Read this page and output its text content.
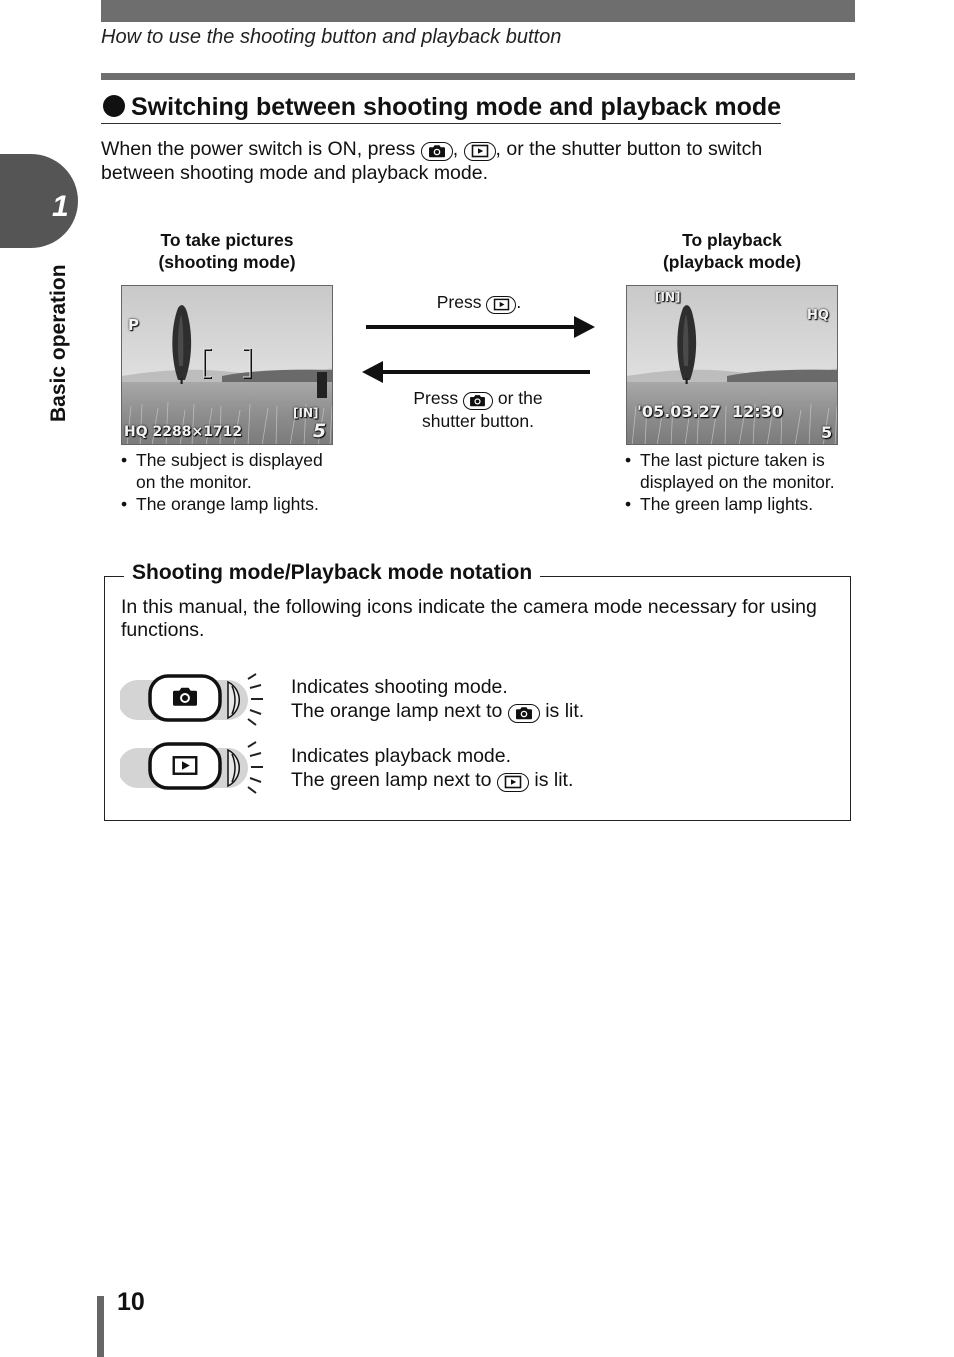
How to use the shooting button and playback button
1
Basic operation
Switching between shooting mode and playback mode
When the power switch is ON, press
,
, or the shutter button to switch between shooting mode and playback mode.
To take pictures
(shooting mode)
P
[IN]
HQ 2288×1712	5
• The subject is displayed on the monitor.
• The orange lamp lights.
Press
.
Press
or the
shutter button.
To playback
(playback mode)
[IN]
HQ
'05.03.27  12:30
5
• The last picture taken is displayed on the monitor.
• The green lamp lights.
Shooting mode/Playback mode notation
In this manual, the following icons indicate the camera mode necessary for using functions.
Indicates shooting mode.
The orange lamp next to
is lit.
Indicates playback mode.
The green lamp next to
is lit.
10
